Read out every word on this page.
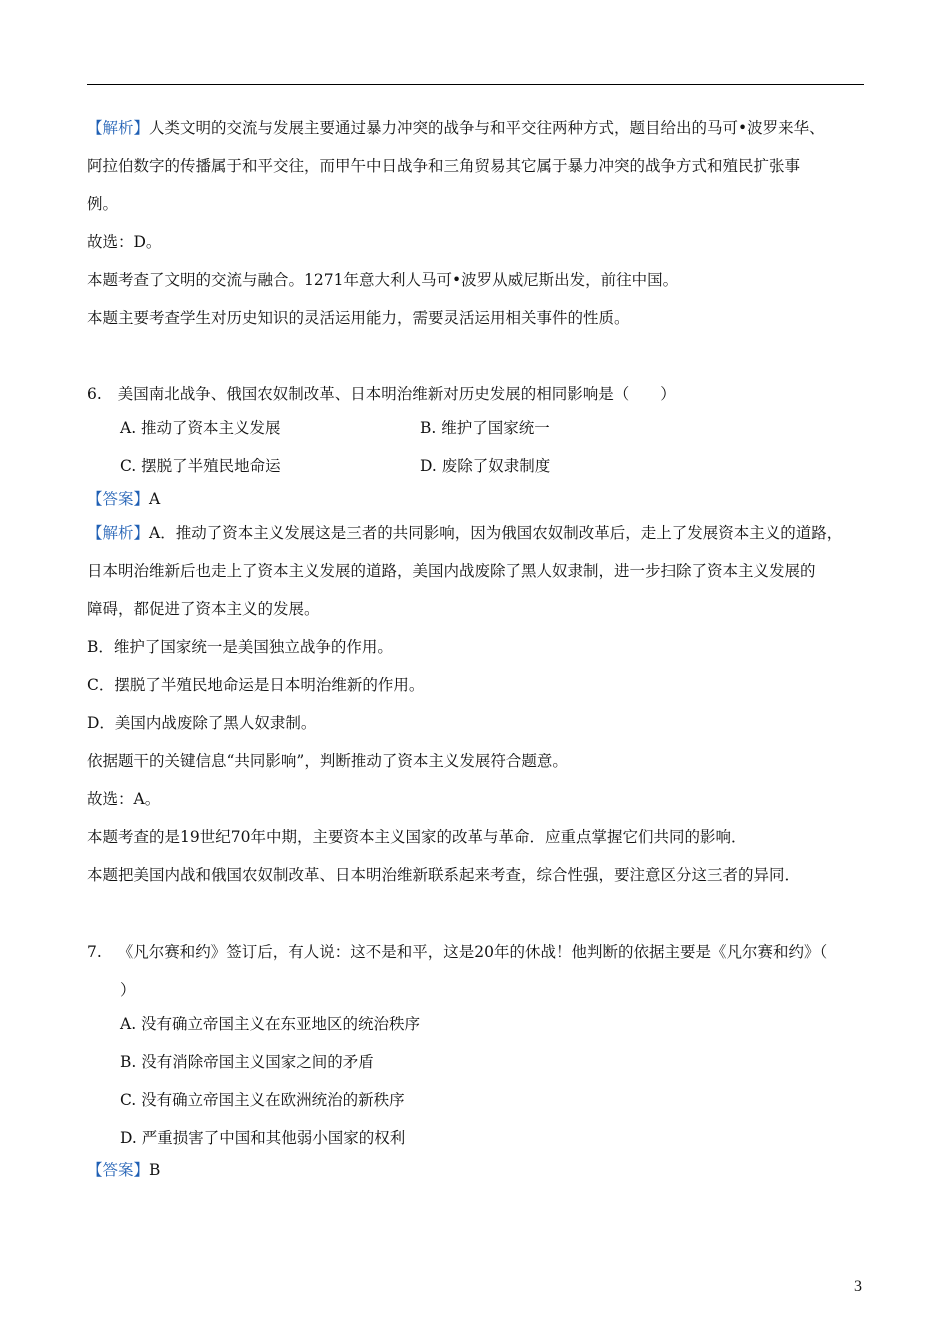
【解析】人类文明的交流与发展主要通过暴力冲突的战争与和平交往两种方式，题目给出的马可•波罗来华、
阿拉伯数字的传播属于和平交往，而甲午中日战争和三角贸易其它属于暴力冲突的战争方式和殖民扩张事
例。
故选：D。
本题考查了文明的交流与融合。1271年意大利人马可•波罗从威尼斯出发，前往中国。
本题主要考查学生对历史知识的灵活运用能力，需要灵活运用相关事件的性质。
6. 美国南北战争、俄国农奴制改革、日本明治维新对历史发展的相同影响是（　　）
A. 推动了资本主义发展	B. 维护了国家统一
C. 摆脱了半殖民地命运	D. 废除了奴隶制度
【答案】A
【解析】A．推动了资本主义发展这是三者的共同影响，因为俄国农奴制改革后，走上了发展资本主义的道路，
日本明治维新后也走上了资本主义发展的道路，美国内战废除了黑人奴隶制，进一步扫除了资本主义发展的
障碍，都促进了资本主义的发展。
B．维护了国家统一是美国独立战争的作用。
C．摆脱了半殖民地命运是日本明治维新的作用。
D．美国内战废除了黑人奴隶制。
依据题干的关键信息“共同影响”，判断推动了资本主义发展符合题意。
故选：A。
本题考查的是19世纪70年中期，主要资本主义国家的改革与革命．应重点掌握它们共同的影响．
本题把美国内战和俄国农奴制改革、日本明治维新联系起来考查，综合性强，要注意区分这三者的异同．
7. 《凡尔赛和约》签订后，有人说：这不是和平，这是20年的休战！他判断的依据主要是《凡尔赛和约》（
）
A. 没有确立帝国主义在东亚地区的统治秩序
B. 没有消除帝国主义国家之间的矛盾
C. 没有确立帝国主义在欧洲统治的新秩序
D. 严重损害了中国和其他弱小国家的权利
【答案】B
3
